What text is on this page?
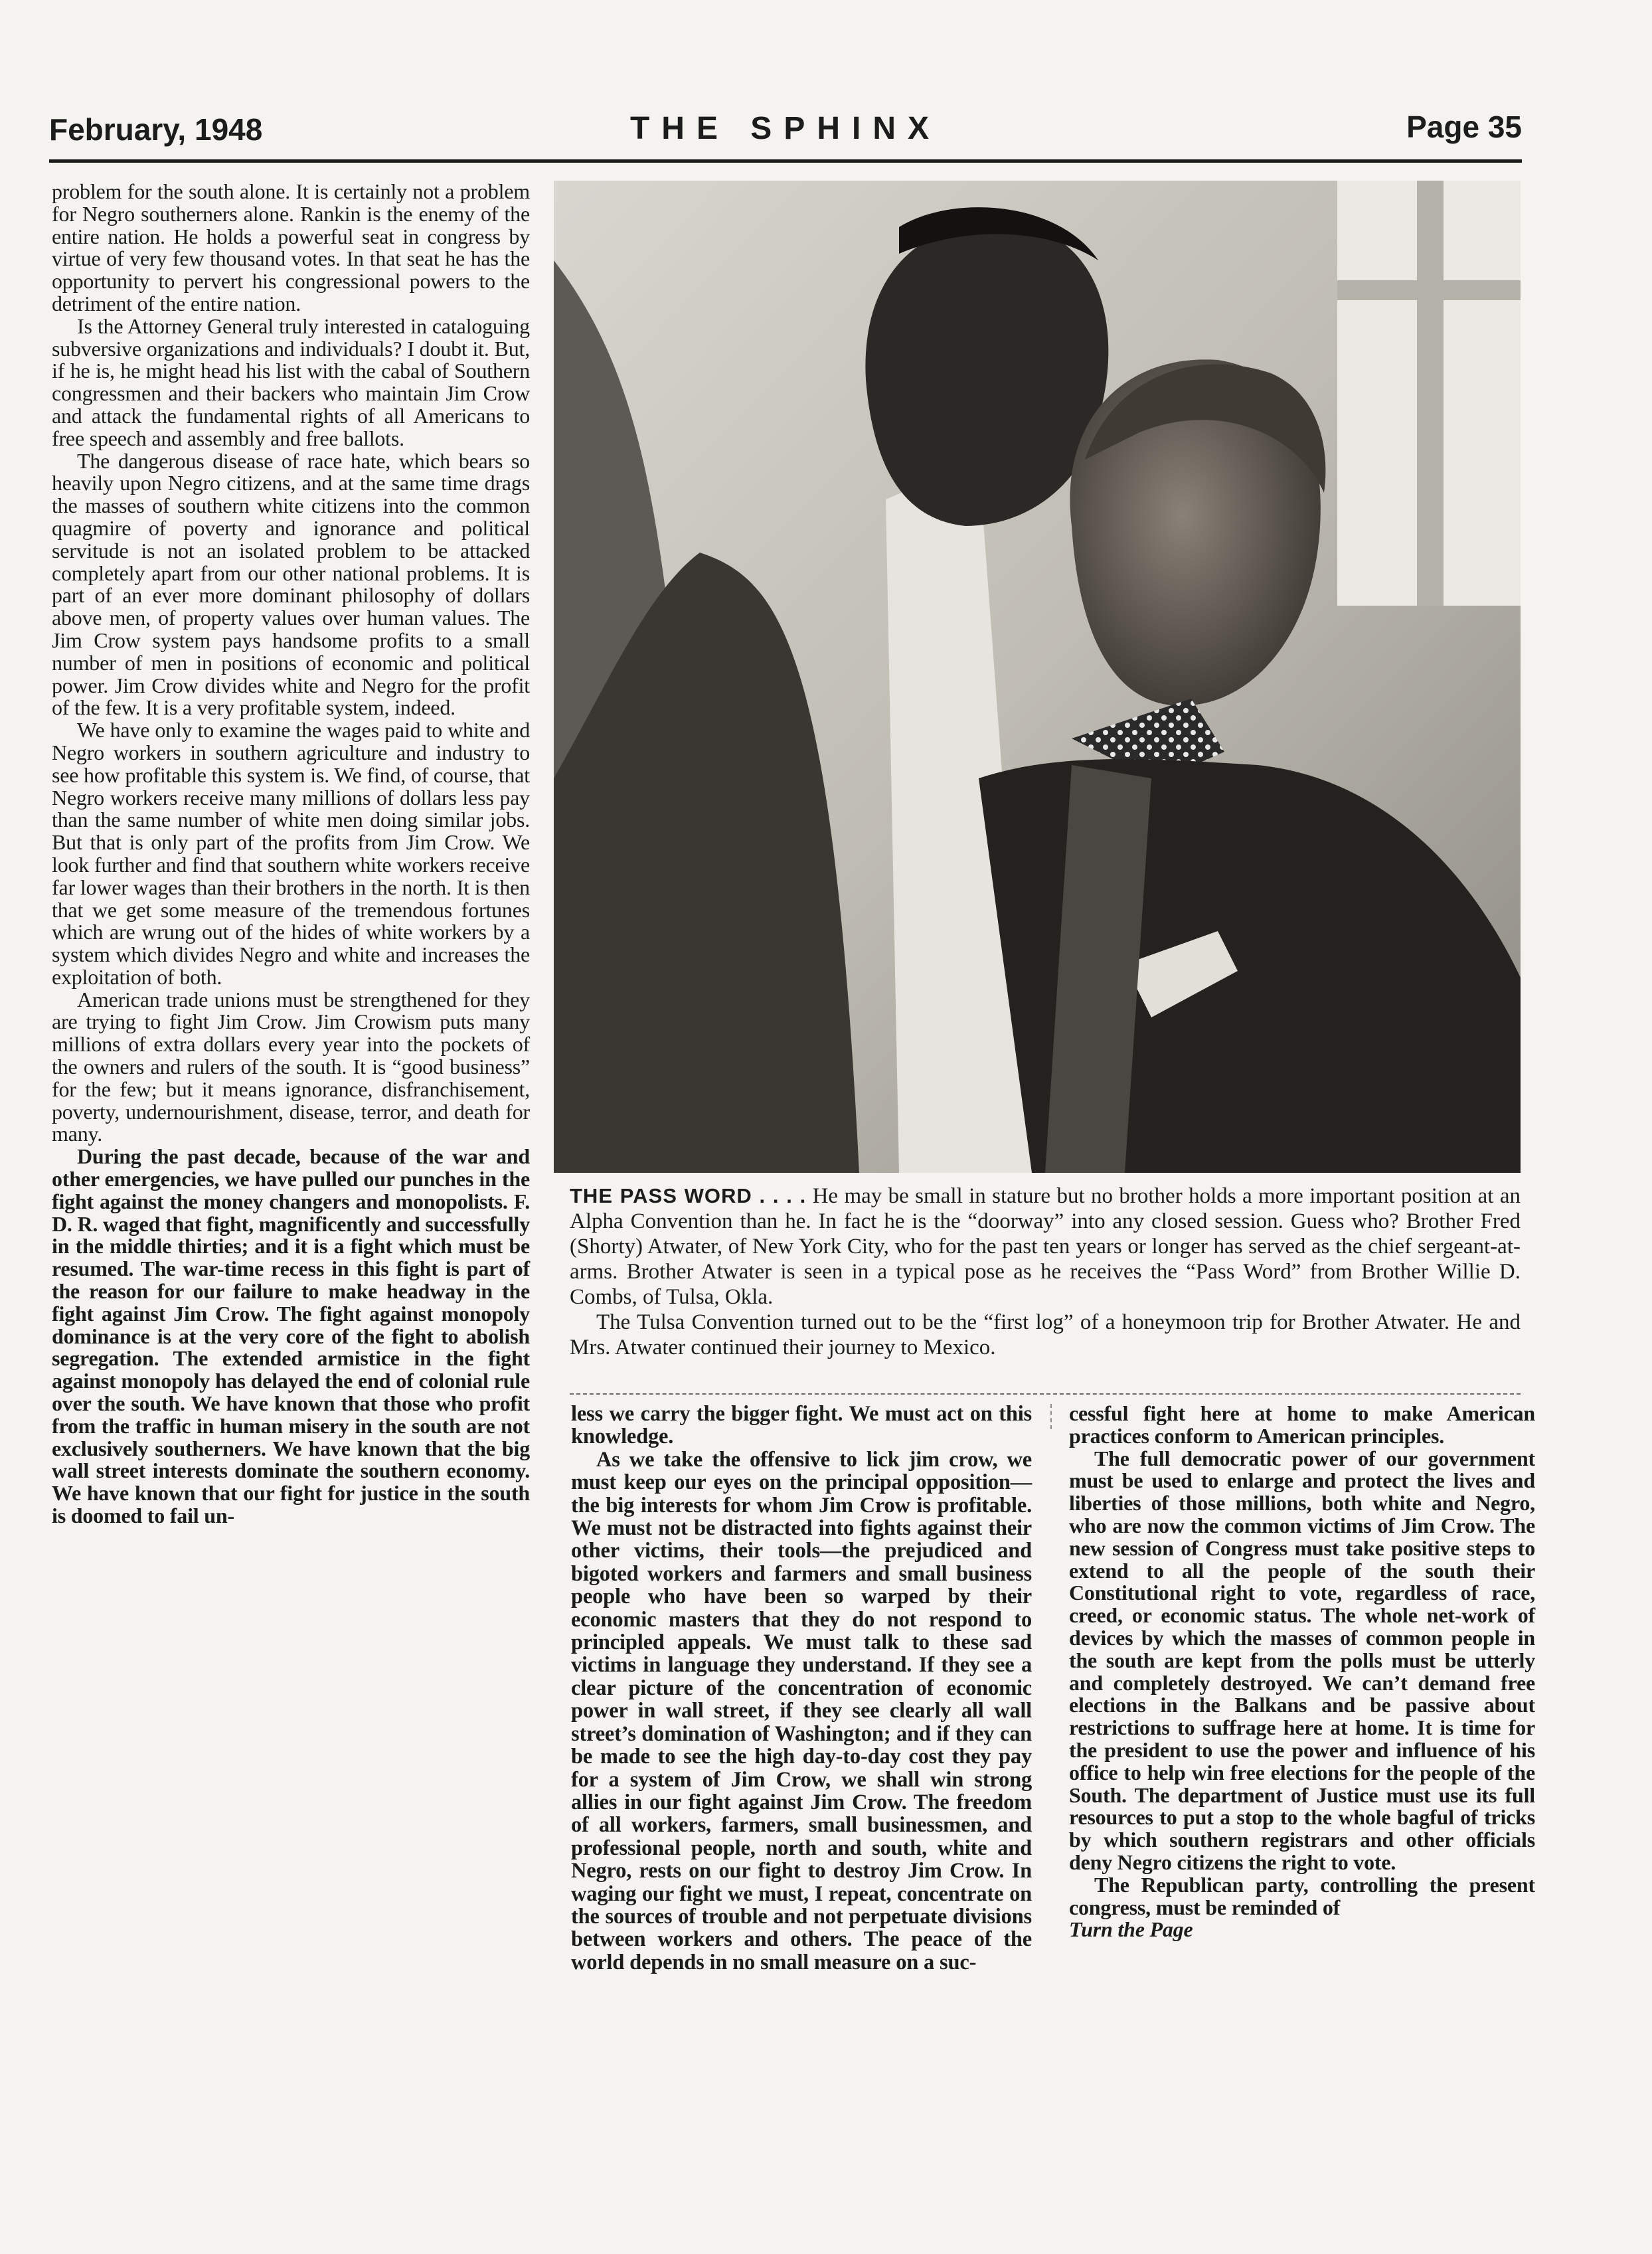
February, 1948	THE SPHINX	Page 35

problem for the south alone. It is certainly not a problem for Negro southerners alone. Rankin is the enemy of the entire nation. He holds a powerful seat in congress by virtue of very few thousand votes. In that seat he has the opportunity to pervert his congressional powers to the detriment of the entire nation.

Is the Attorney General truly interested in cataloguing subversive organizations and individuals? I doubt it. But, if he is, he might head his list with the cabal of Southern congressmen and their backers who maintain Jim Crow and attack the fundamental rights of all Americans to free speech and assembly and free ballots.

The dangerous disease of race hate, which bears so heavily upon Negro citizens, and at the same time drags the masses of southern white citizens into the common quagmire of poverty and ignorance and political servitude is not an isolated problem to be attacked completely apart from our other national problems. It is part of an ever more dominant philosophy of dollars above men, of property values over human values. The Jim Crow system pays handsome profits to a small number of men in positions of economic and political power. Jim Crow divides white and Negro for the profit of the few. It is a very profitable system, indeed.

We have only to examine the wages paid to white and Negro workers in southern agriculture and industry to see how profitable this system is. We find, of course, that Negro workers receive many millions of dollars less pay than the same number of white men doing similar jobs. But that is only part of the profits from Jim Crow. We look further and find that southern white workers receive far lower wages than their brothers in the north. It is then that we get some measure of the tremendous fortunes which are wrung out of the hides of white workers by a system which divides Negro and white and increases the exploitation of both.

American trade unions must be strengthened for they are trying to fight Jim Crow. Jim Crowism puts many millions of extra dollars every year into the pockets of the owners and rulers of the south. It is “good business” for the few; but it means ignorance, disfranchisement, poverty, undernourishment, disease, terror, and death for many.

During the past decade, because of the war and other emergencies, we have pulled our punches in the fight against the money changers and monopolists. F. D. R. waged that fight, magnificently and successfully in the middle thirties; and it is a fight which must be resumed. The war-time recess in this fight is part of the reason for our failure to make headway in the fight against Jim Crow. The fight against monopoly dominance is at the very core of the fight to abolish segregation. The extended armistice in the fight against monopoly has delayed the end of colonial rule over the south. We have known that those who profit from the traffic in human misery in the south are not exclusively southerners. We have known that the big wall street interests dominate the southern economy. We have known that our fight for justice in the south is doomed to fail un-

THE PASS WORD . . . . He may be small in stature but no brother holds a more important position at an Alpha Convention than he. In fact he is the “doorway” into any closed session. Guess who? Brother Fred (Shorty) Atwater, of New York City, who for the past ten years or longer has served as the chief sergeant-at-arms. Brother Atwater is seen in a typical pose as he receives the “Pass Word” from Brother Willie D. Combs, of Tulsa, Okla.

The Tulsa Convention turned out to be the “first log” of a honeymoon trip for Brother Atwater. He and Mrs. Atwater continued their journey to Mexico.

less we carry the bigger fight. We must act on this knowledge.

As we take the offensive to lick jim crow, we must keep our eyes on the principal opposition—the big interests for whom Jim Crow is profitable. We must not be distracted into fights against their other victims, their tools—the prejudiced and bigoted workers and farmers and small business people who have been so warped by their economic masters that they do not respond to principled appeals. We must talk to these sad victims in language they understand. If they see a clear picture of the concentration of economic power in wall street, if they see clearly all wall street’s domination of Washington; and if they can be made to see the high day-to-day cost they pay for a system of Jim Crow, we shall win strong allies in our fight against Jim Crow. The freedom of all workers, farmers, small businessmen, and professional people, north and south, white and Negro, rests on our fight to destroy Jim Crow. In waging our fight we must, I repeat, concentrate on the sources of trouble and not perpetuate divisions between workers and others. The peace of the world depends in no small measure on a suc-

cessful fight here at home to make American practices conform to American principles.

The full democratic power of our government must be used to enlarge and protect the lives and liberties of those millions, both white and Negro, who are now the common victims of Jim Crow. The new session of Congress must take positive steps to extend to all the people of the south their Constitutional right to vote, regardless of race, creed, or economic status. The whole net-work of devices by which the masses of common people in the south are kept from the polls must be utterly and completely destroyed. We can’t demand free elections in the Balkans and be passive about restrictions to suffrage here at home. It is time for the president to use the power and influence of his office to help win free elections for the people of the South. The department of Justice must use its full resources to put a stop to the whole bagful of tricks by which southern registrars and other officials deny Negro citizens the right to vote.

The Republican party, controlling the present congress, must be reminded of

Turn the Page
